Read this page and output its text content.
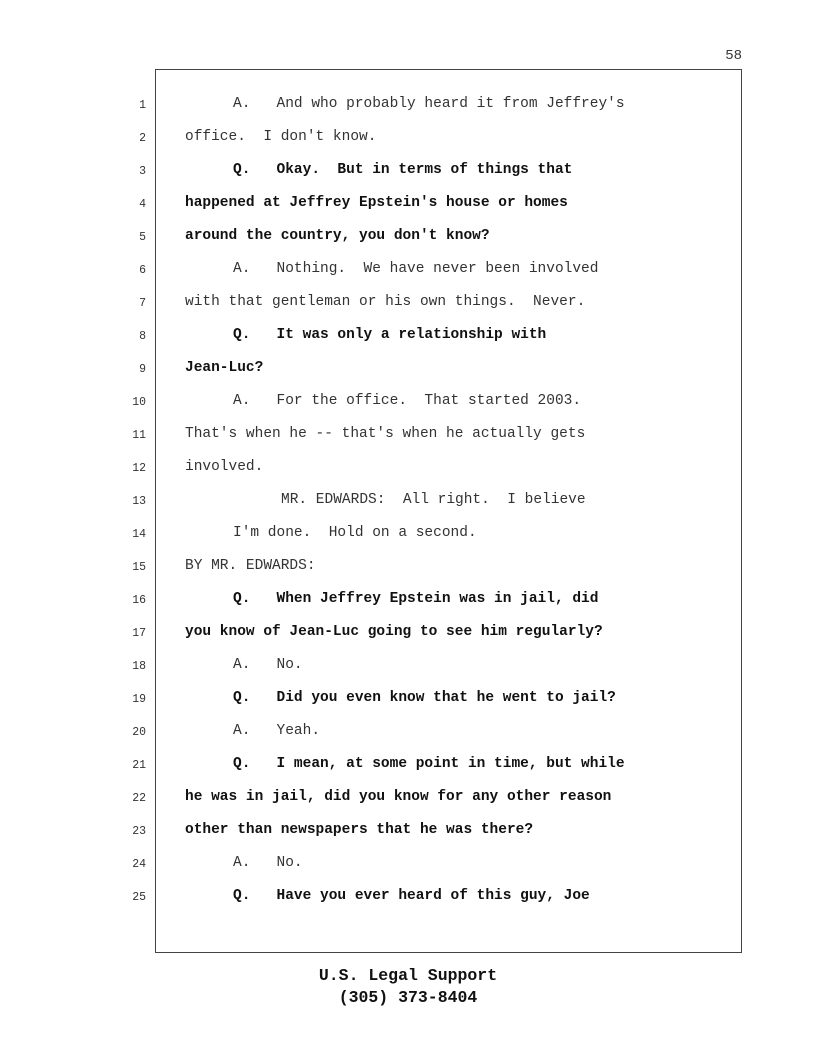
58
1	A.   And who probably heard it from Jeffrey's
2	office.  I don't know.
3	Q.   Okay.  But in terms of things that
4	happened at Jeffrey Epstein's house or homes
5	around the country, you don't know?
6	A.   Nothing.  We have never been involved
7	with that gentleman or his own things.  Never.
8	Q.   It was only a relationship with
9	Jean-Luc?
10	A.   For the office.  That started 2003.
11	That's when he -- that's when he actually gets
12	involved.
13	MR. EDWARDS:  All right.  I believe
14	I'm done.  Hold on a second.
15	BY MR. EDWARDS:
16	Q.   When Jeffrey Epstein was in jail, did
17	you know of Jean-Luc going to see him regularly?
18	A.   No.
19	Q.   Did you even know that he went to jail?
20	A.   Yeah.
21	Q.   I mean, at some point in time, but while
22	he was in jail, did you know for any other reason
23	other than newspapers that he was there?
24	A.   No.
25	Q.   Have you ever heard of this guy, Joe
U.S. Legal Support
(305) 373-8404
